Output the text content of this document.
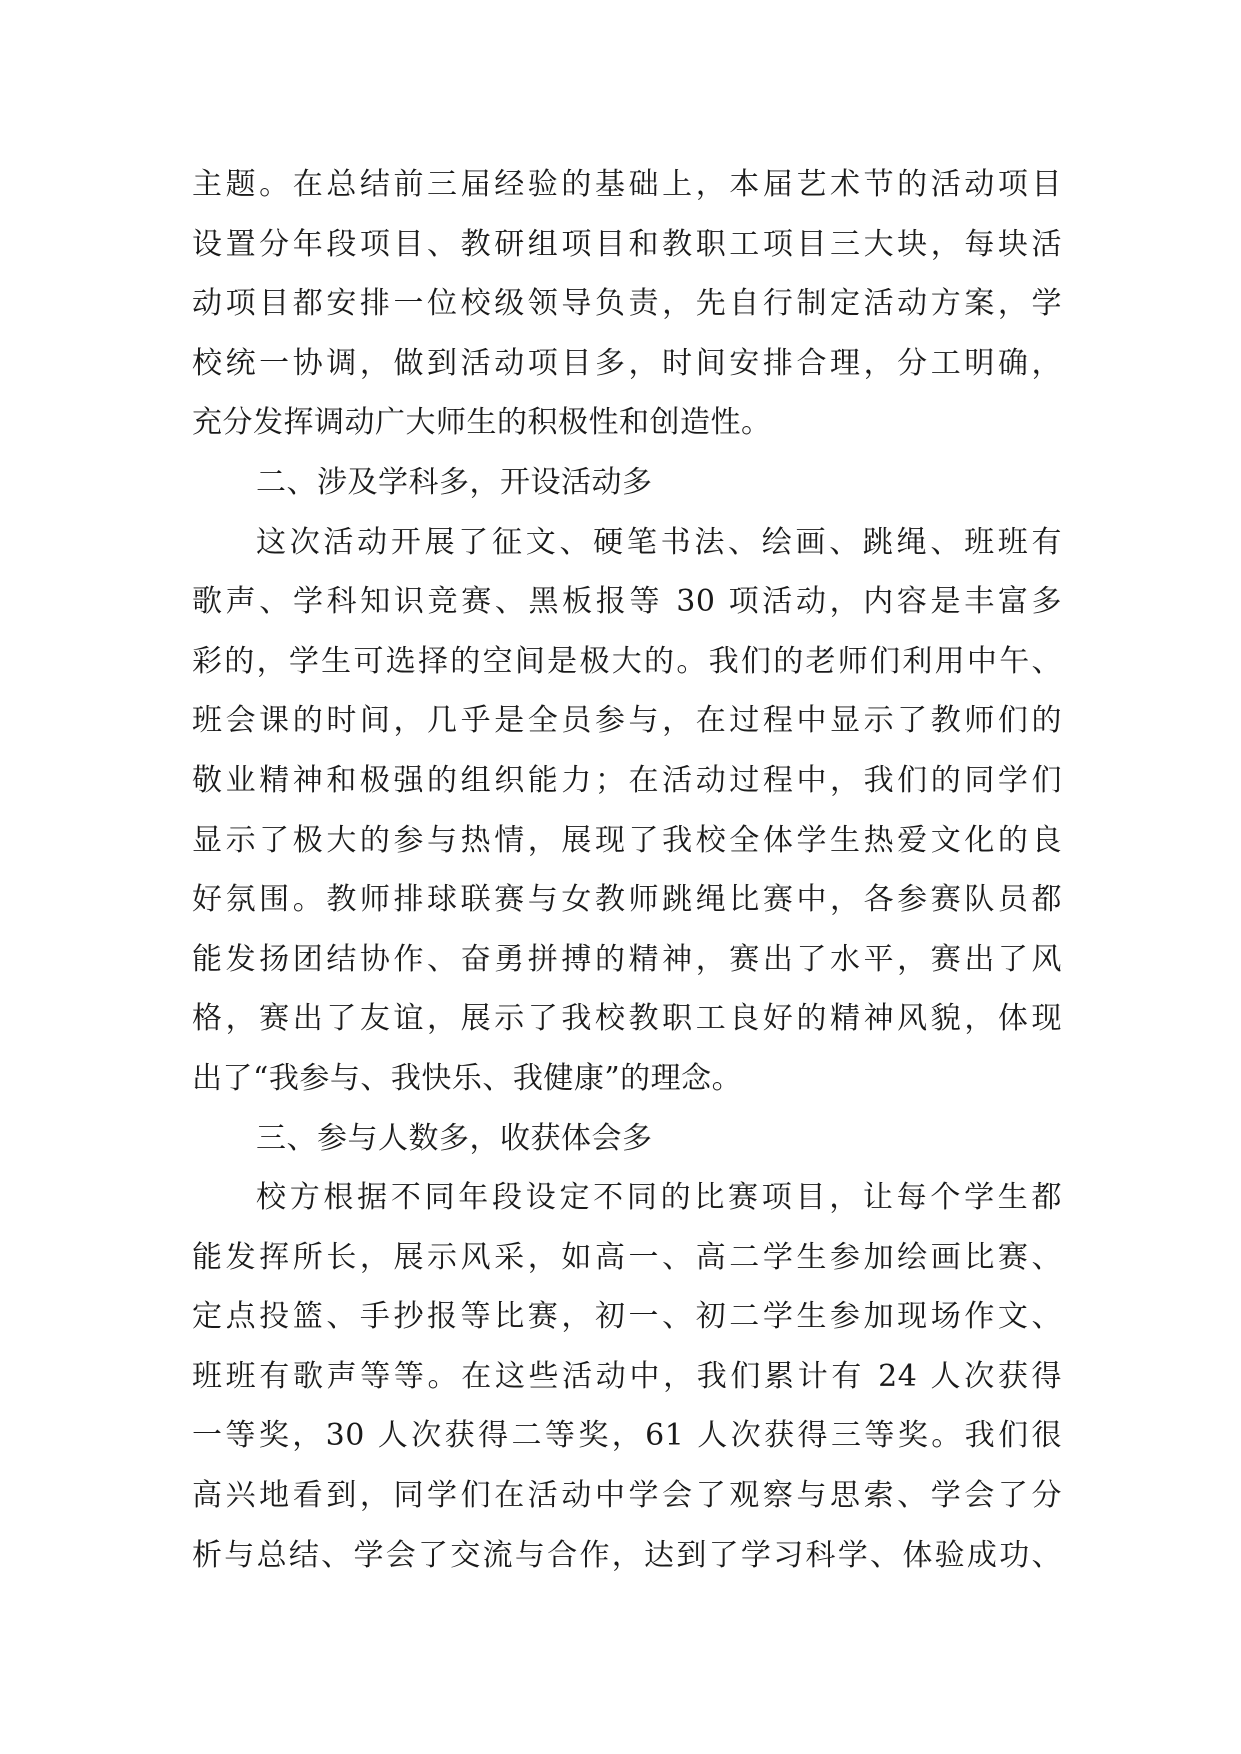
主题。在总结前三届经验的基础上，本届艺术节的活动项目
设置分年段项目、教研组项目和教职工项目三大块，每块活
动项目都安排一位校级领导负责，先自行制定活动方案，学
校统一协调，做到活动项目多，时间安排合理，分工明确，
充分发挥调动广大师生的积极性和创造性。
二、涉及学科多，开设活动多
这次活动开展了征文、硬笔书法、绘画、跳绳、班班有
歌声、学科知识竞赛、黑板报等 30 项活动，内容是丰富多
彩的，学生可选择的空间是极大的。我们的老师们利用中午、
班会课的时间，几乎是全员参与，在过程中显示了教师们的
敬业精神和极强的组织能力；在活动过程中，我们的同学们
显示了极大的参与热情，展现了我校全体学生热爱文化的良
好氛围。教师排球联赛与女教师跳绳比赛中，各参赛队员都
能发扬团结协作、奋勇拼搏的精神，赛出了水平，赛出了风
格，赛出了友谊，展示了我校教职工良好的精神风貌，体现
出了“我参与、我快乐、我健康”的理念。
三、参与人数多，收获体会多
校方根据不同年段设定不同的比赛项目，让每个学生都
能发挥所长，展示风采，如高一、高二学生参加绘画比赛、
定点投篮、手抄报等比赛，初一、初二学生参加现场作文、
班班有歌声等等。在这些活动中，我们累计有 24 人次获得
一等奖，30 人次获得二等奖，61 人次获得三等奖。我们很
高兴地看到，同学们在活动中学会了观察与思索、学会了分
析与总结、学会了交流与合作，达到了学习科学、体验成功、
